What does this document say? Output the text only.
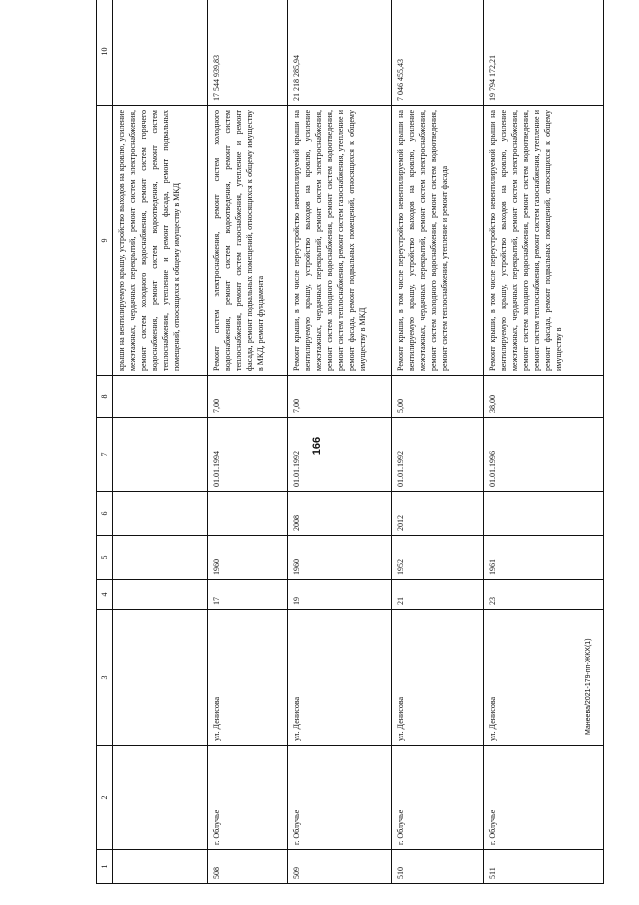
166
1	2	3	4	5	6	7	8	9	10
								крыши на вентилируемую крышу, устройство выходов на кровлю, усиление межэтажных, чердачных перекрытий, ремонт систем электроснабжения, ремонт систем холодного водоснабжения, ремонт систем горячего водоснабжения, ремонт систем водоотведения, ремонт систем теплоснабжения, утепление и ремонт фасада, ремонт подвальных помещений, относящихся к общему имуществу в МКД	
508	г. Облучье	ул. Денисова	17	1960		01.01.1994	7,00	Ремонт систем электроснабжения, ремонт систем холодного водоснабжения, ремонт систем водоотведения, ремонт систем теплоснабжения, ремонт систем газоснабжения, утепление и ремонт фасада, ремонт подвальных помещений, относящихся к общему имуществу в МКД, ремонт фундамента	17 544 939,83
509	г. Облучье	ул. Денисова	19	1960	2008	01.01.1992	7,00	Ремонт крыши, в том числе переустройство невентилируемой крыши на вентилируемую крышу, устройство выходов на кровлю, усиление межэтажных, чердачных перекрытий, ремонт систем электроснабжения, ремонт систем холодного водоснабжения, ремонт систем водоотведения, ремонт систем теплоснабжения, ремонт систем газоснабжения, утепление и ремонт фасада, ремонт подвальных помещений, относящихся к общему имуществу в МКД	21 218 285,94
510	г. Облучье	ул. Денисова	21	1952	2012	01.01.1992	5,00	Ремонт крыши, в том числе переустройство невентилируемой крыши на вентилируемую крышу, устройство выходов на кровлю, усиление межэтажных, чердачных перекрытий, ремонт систем электроснабжения, ремонт систем холодного водоснабжения, ремонт систем водоотведения, ремонт систем теплоснабжения, утепление и ремонт фасада	7 046 455,43
511	г. Облучье	ул. Денисова	23	1961		01.01.1996	38,00	Ремонт крыши, в том числе переустройство невентилируемой крыши на вентилируемую крышу, устройство выходов на кровлю, усиление межэтажных, чердачных перекрытий, ремонт систем электроснабжения, ремонт систем холодного водоснабжения, ремонт систем водоотведения, ремонт систем теплоснабжения, ремонт систем газоснабжения, утепление и ремонт фасада, ремонт подвальных помещений, относящихся к общему имуществу в	19 794 172,21
Манеева/2021-179-пп-ЖКХ(1)
